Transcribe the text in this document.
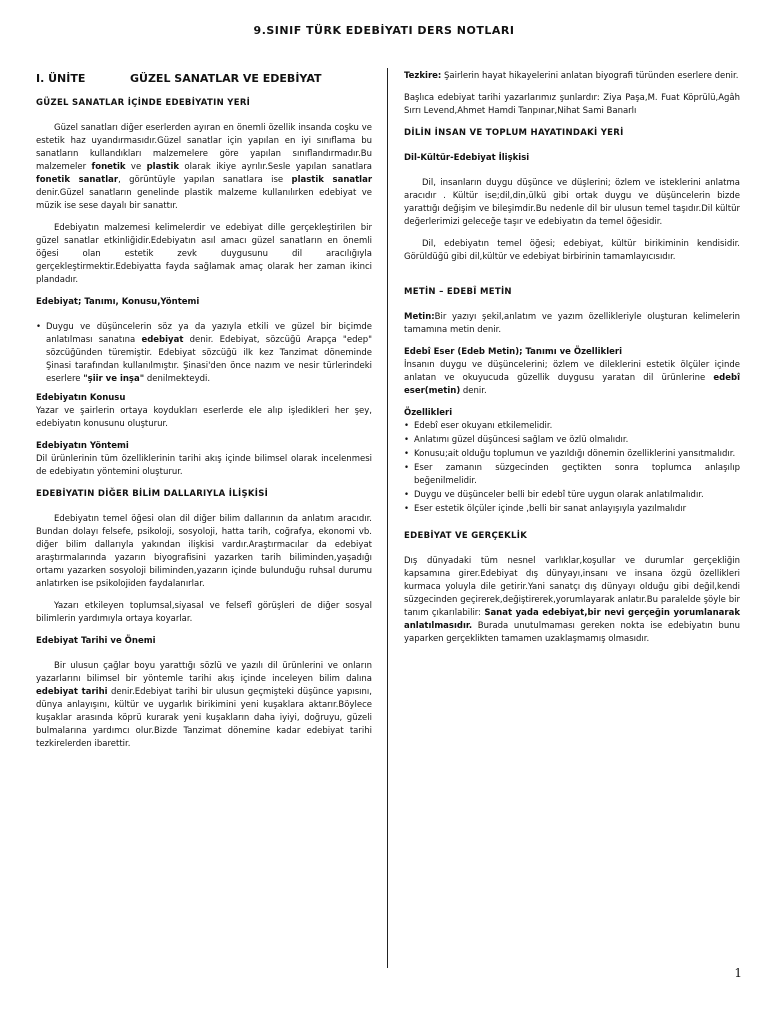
9.SINIF TÜRK EDEBİYATI DERS NOTLARI
I. ÜNİTE	GÜZEL SANATLAR VE EDEBİYAT
GÜZEL SANATLAR İÇİNDE EDEBİYATIN YERİ

Güzel sanatları diğer eserlerden ayıran en önemli özellik insanda coşku ve estetik haz uyandırmasıdır.Güzel sanatlar için yapılan en iyi sınıflama bu sanatların kullandıkları malzemelere göre yapılan sınıflandırmadır.Bu malzemeler fonetik ve plastik olarak ikiye ayrılır.Sesle yapılan sanatlara fonetik sanatlar, görüntüyle yapılan sanatlara ise plastik sanatlar denir.Güzel sanatların genelinde plastik malzeme kullanılırken edebiyat ve müzik ise sese dayalı bir sanattır.

Edebiyatın malzemesi kelimelerdir ve edebiyat dille gerçekleştirilen bir güzel sanatlar etkinliğidir.Edebiyatın asıl amacı güzel sanatların en önemli öğesi olan estetik zevk duygusunu dil aracılığıyla gerçekleştirmektir.Edebiyatta fayda sağlamak amaç olarak her zaman ikinci plandadır.

Edebiyat; Tanımı, Konusu,Yöntemi
• Duygu ve düşüncelerin söz ya da yazıyla etkili ve güzel bir biçimde anlatılması sanatına edebiyat denir. Edebiyat, sözcüğü Arapça "edep" sözcüğünden türemiştir. Edebiyat sözcüğü ilk kez Tanzimat döneminde Şinasi tarafından kullanılmıştır. Şinasi'den önce nazım ve nesir türlerindeki eserlere "şiir ve inşa" denilmekteydi.
Edebiyatın Konusu

Yazar ve şairlerin ortaya koydukları eserlerde ele alıp işledikleri her şey, edebiyatın konusunu oluşturur.

Edebiyatın Yöntemi

Dil ürünlerinin tüm özelliklerinin tarihi akış içinde bilimsel olarak incelenmesi de edebiyatın yöntemini oluşturur.

EDEBİYATIN DİĞER BİLİM DALLARIYLA İLİŞKİSİ

Edebiyatın temel öğesi olan dil diğer bilim dallarının da anlatım aracıdır. Bundan dolayı felsefe, psikoloji, sosyoloji, hatta tarih, coğrafya, ekonomi vb. diğer bilim dallarıyla yakından ilişkisi vardır.Araştırmacılar da edebiyat araştırmalarında yazarın biyografisini yazarken tarih biliminden,yaşadığı ortamı yazarken sosyoloji biliminden,yazarın içinde bulunduğu ruhsal durumu anlatırken ise psikolojiden faydalanırlar.

Yazarı etkileyen toplumsal,siyasal ve felsefî görüşleri de diğer sosyal bilimlerin yardımıyla ortaya koyarlar.

Edebiyat Tarihi ve Önemi

Bir ulusun çağlar boyu yarattığı sözlü ve yazılı dil ürünlerini ve onların yazarlarını bilimsel bir yöntemle tarihi akış içinde inceleyen bilim dalına edebiyat tarihi denir.Edebiyat tarihi bir ulusun geçmişteki düşünce yapısını, dünya anlayışını, kültür ve uygarlık birikimini yeni kuşaklara aktarır.Böylece kuşaklar arasında köprü kurarak yeni kuşakların daha iyiyi, doğruyu, güzeli bulmalarına yardımcı olur.Bizde Tanzimat dönemine kadar edebiyat tarihi tezkirelerden ibarettir.

Tezkire: Şairlerin hayat hikayelerini anlatan biyografi türünden eserlere denir.

Başlıca edebiyat tarihi yazarlarımız şunlardır: Ziya Paşa,M. Fuat Köprülü,Agâh Sırrı Levend,Ahmet Hamdi Tanpınar,Nihat Sami Banarlı

DİLİN İNSAN VE TOPLUM HAYATINDAKİ YERİ
Dil-Kültür-Edebiyat İlişkisi

Dil, insanların duygu düşünce ve düşlerini; özlem ve isteklerini anlatma aracıdır . Kültür ise;dil,din,ülkü gibi ortak duygu ve düşüncelerin bizde yarattığı değişim ve bileşimdir.Bu nedenle dil bir ulusun temel taşıdır.Dil kültür değerlerimizi geleceğe taşır ve edebiyatın da temel öğesidir.

Dil, edebiyatın temel öğesi; edebiyat, kültür birikiminin kendisidir. Görüldüğü gibi dil,kültür ve edebiyat birbirinin tamamlayıcısıdır.

METİN – EDEBÎ METİN

Metin:Bir yazıyı şekil,anlatım ve yazım özellikleriyle oluşturan kelimelerin tamamına metin denir.

Edebî Eser (Edeb Metin); Tanımı ve Özellikleri

İnsanın duygu ve düşüncelerini; özlem ve dileklerini estetik ölçüler içinde anlatan ve okuyucuda güzellik duygusu yaratan dil ürünlerine edebî eser(metin) denir.

Özellikleri
• Edebî eser okuyanı etkilemelidir.
• Anlatımı güzel düşüncesi sağlam ve özlü olmalıdır.
• Konusu;ait olduğu toplumun ve yazıldığı dönemin özelliklerini yansıtmalıdır.
• Eser zamanın süzgecinden geçtikten sonra toplumca anlaşılıp beğenilmelidir.
• Duygu ve düşünceler belli bir edebî türe uygun olarak anlatılmalıdır.
• Eser estetik ölçüler içinde ,belli bir sanat anlayışıyla yazılmalıdır
EDEBİYAT VE GERÇEKLİK

Dış dünyadaki tüm nesnel varlıklar,koşullar ve durumlar gerçekliğin kapsamına girer.Edebiyat dış dünyayı,insanı ve insana özgü özellikleri kurmaca yoluyla dile getirir.Yani sanatçı dış dünyayı olduğu gibi değil,kendi süzgecinden geçirerek,değiştirerek,yorumlayarak anlatır.Bu paralelde şöyle bir tanım çıkarılabilir: Sanat yada edebiyat,bir nevi gerçeğin yorumlanarak anlatılmasıdır. Burada unutulmaması gereken nokta ise edebiyatın bunu yaparken gerçeklikten tamamen uzaklaşmamış olmasıdır.

1
